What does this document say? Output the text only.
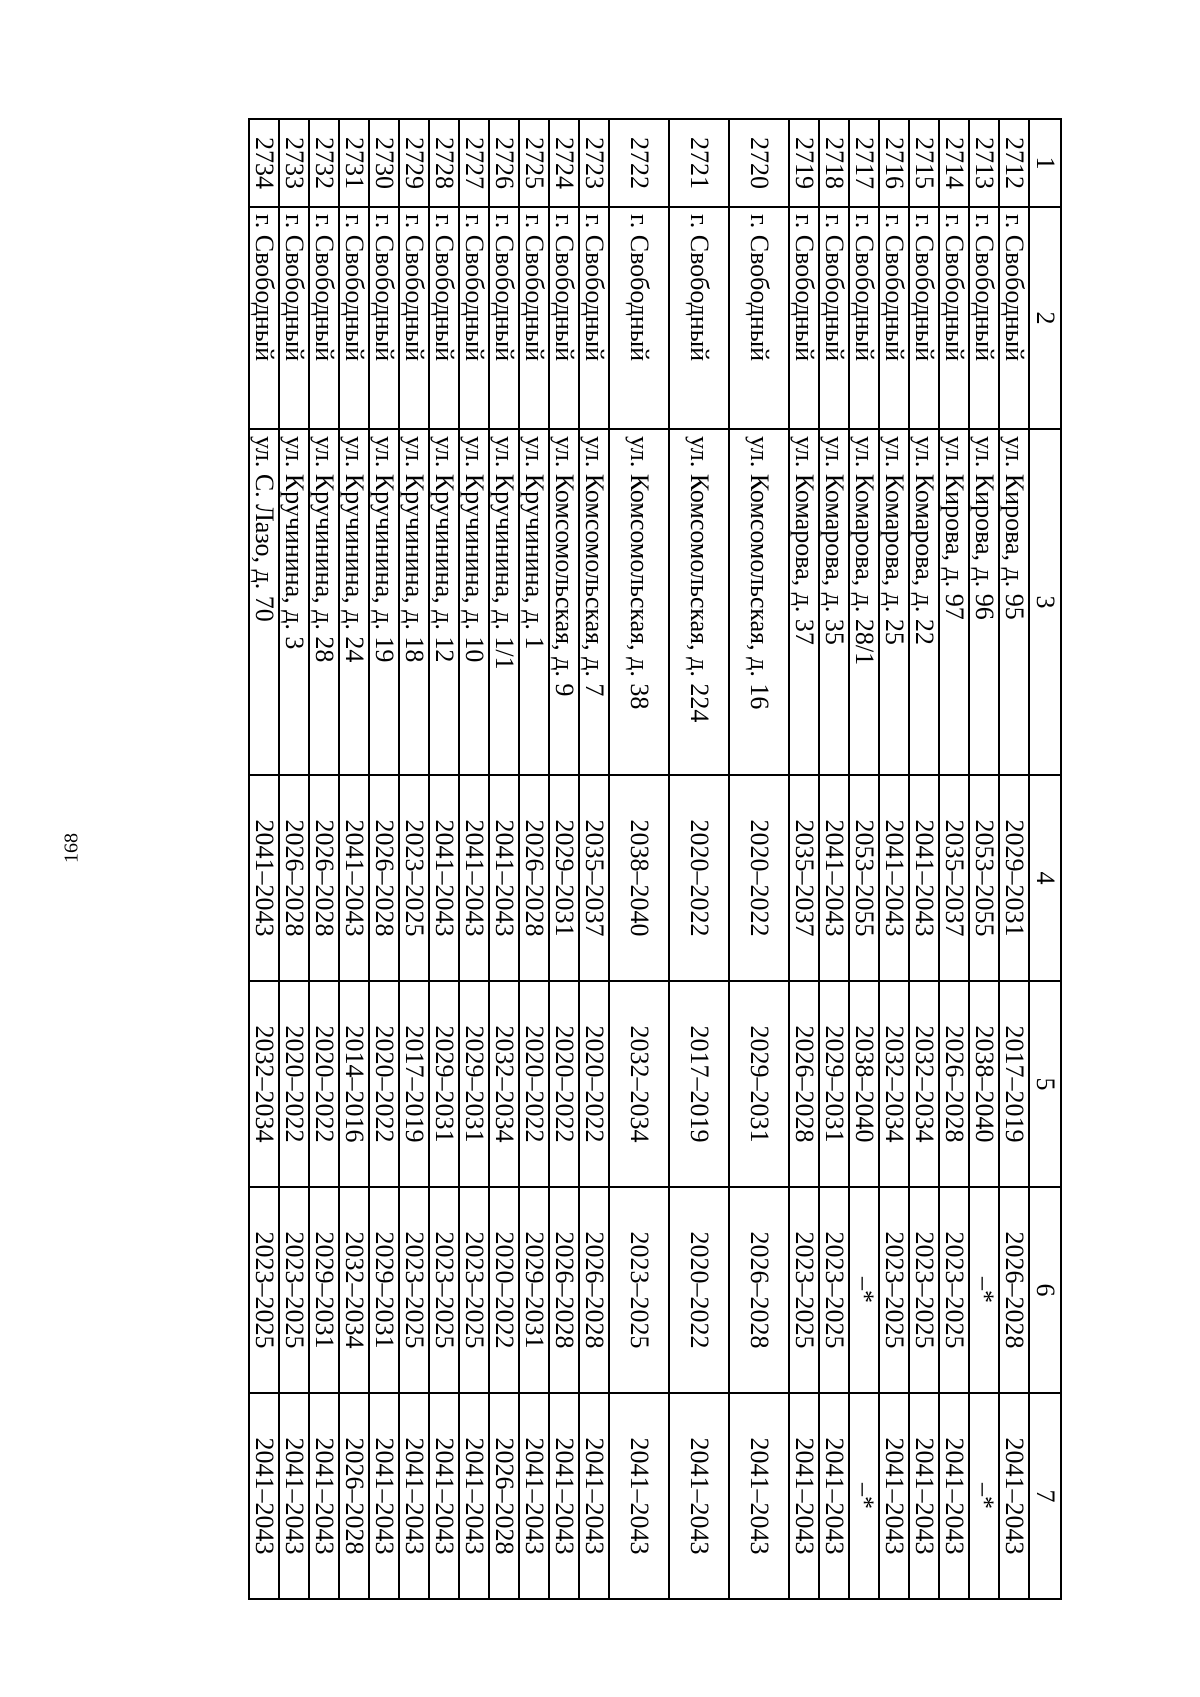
168
1	2	3	4	5	6	7
2712	г. Свободный	ул. Кирова, д. 95	2029–2031	2017–2019	2026–2028	2041–2043
2713	г. Свободный	ул. Кирова, д. 96	2053–2055	2038–2040	–*	–*
2714	г. Свободный	ул. Кирова, д. 97	2035–2037	2026–2028	2023–2025	2041–2043
2715	г. Свободный	ул. Комарова, д. 22	2041–2043	2032–2034	2023–2025	2041–2043
2716	г. Свободный	ул. Комарова, д. 25	2041–2043	2032–2034	2023–2025	2041–2043
2717	г. Свободный	ул. Комарова, д. 28/1	2053–2055	2038–2040	–*	–*
2718	г. Свободный	ул. Комарова, д. 35	2041–2043	2029–2031	2023–2025	2041–2043
2719	г. Свободный	ул. Комарова, д. 37	2035–2037	2026–2028	2023–2025	2041–2043
2720	г. Свободный	ул. Комсомольская, д. 16	2020–2022	2029–2031	2026–2028	2041–2043
2721	г. Свободный	ул. Комсомольская, д. 224	2020–2022	2017–2019	2020–2022	2041–2043
2722	г. Свободный	ул. Комсомольская, д. 38	2038–2040	2032–2034	2023–2025	2041–2043
2723	г. Свободный	ул. Комсомольская, д. 7	2035–2037	2020–2022	2026–2028	2041–2043
2724	г. Свободный	ул. Комсомольская, д. 9	2029–2031	2020–2022	2026–2028	2041–2043
2725	г. Свободный	ул. Кручинина, д. 1	2026–2028	2020–2022	2029–2031	2041–2043
2726	г. Свободный	ул. Кручинина, д. 1/1	2041–2043	2032–2034	2020–2022	2026–2028
2727	г. Свободный	ул. Кручинина, д. 10	2041–2043	2029–2031	2023–2025	2041–2043
2728	г. Свободный	ул. Кручинина, д. 12	2041–2043	2029–2031	2023–2025	2041–2043
2729	г. Свободный	ул. Кручинина, д. 18	2023–2025	2017–2019	2023–2025	2041–2043
2730	г. Свободный	ул. Кручинина, д. 19	2026–2028	2020–2022	2029–2031	2041–2043
2731	г. Свободный	ул. Кручинина, д. 24	2041–2043	2014–2016	2032–2034	2026–2028
2732	г. Свободный	ул. Кручинина, д. 28	2026–2028	2020–2022	2029–2031	2041–2043
2733	г. Свободный	ул. Кручинина, д. 3	2026–2028	2020–2022	2023–2025	2041–2043
2734	г. Свободный	ул. С. Лазо, д. 70	2041–2043	2032–2034	2023–2025	2041–2043
